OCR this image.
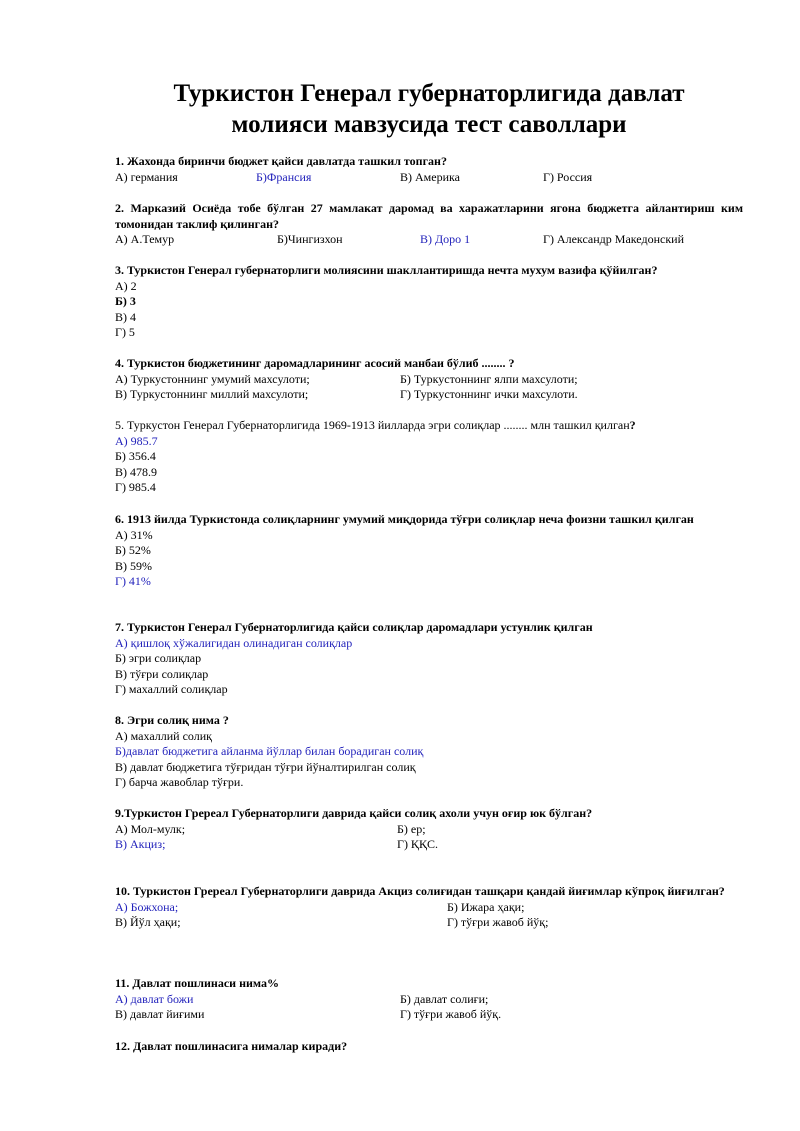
Туркистон Генерал губернаторлигида давлат
молияси мавзусида тест саволлари
1. Жахонда биринчи бюджет қайси давлатда ташкил топган?
А) германия	Б)Франсия	В) Америка	Г) Россия
2. Марказий Осиёда тобе бўлган 27 мамлакат даромад ва харажатларини ягона бюджетга айлантириш ким томонидан таклиф қилинган?
А) А.Темур	Б)Чингизхон	В) Доро 1	Г) Александр Македонский
3. Туркистон Генерал губернаторлиги молиясини шакллантиришда нечта мухум вазифа қўйилган?
А) 2
Б) 3
В) 4
Г) 5
4. Туркистон бюджетининг даромадларининг асосий манбаи бўлиб ........ ?
А) Туркустоннинг умумий махсулоти;	Б) Туркустоннинг ялпи махсулоти;
В) Туркустоннинг миллий махсулоти;	Г) Туркустоннинг ички махсулоти.
5. Туркустон Генерал Губернаторлигида 1969-1913 йилларда эгри солиқлар ........ млн ташкил қилган?
А) 985.7
Б) 356.4
В) 478.9
Г) 985.4
6. 1913 йилда Туркистонда солиқларнинг умумий миқдорида тўғри солиқлар неча фоизни ташкил қилган
А) 31%
Б) 52%
В) 59%
Г) 41%
7. Туркистон Генерал Губернаторлигида қайси солиқлар даромадлари устунлик қилган
А) қишлоқ хўжалигидан олинадиган солиқлар
Б) эгри солиқлар
В) тўғри солиқлар
Г) махаллий солиқлар
8. Эгри солиқ нима ?
А) махаллий солиқ
Б)давлат бюджетига айланма йўллар билан борадиган солиқ
В) давлат бюджетига тўғридан тўғри йўналтирилган солиқ
Г) барча жавоблар тўғри.
9.Туркистон Гререал Губернаторлиги даврида қайси солиқ ахоли учун оғир юк бўлган?
А) Мол-мулк;	Б) ер;
В) Акциз;	Г) ҚҚС.
10. Туркистон Гререал Губернаторлиги даврида Акциз солиғидан ташқари қандай йиғимлар кўпроқ йиғилган?
А) Божхона;	Б) Ижара ҳақи;
В) Йўл ҳақи;	Г) тўғри жавоб йўқ;
11. Давлат пошлинаси нима%
А) давлат божи	Б) давлат солиғи;
В) давлат йиғими	Г) тўғри жавоб йўқ.
12. Давлат пошлинасига нималар киради?
